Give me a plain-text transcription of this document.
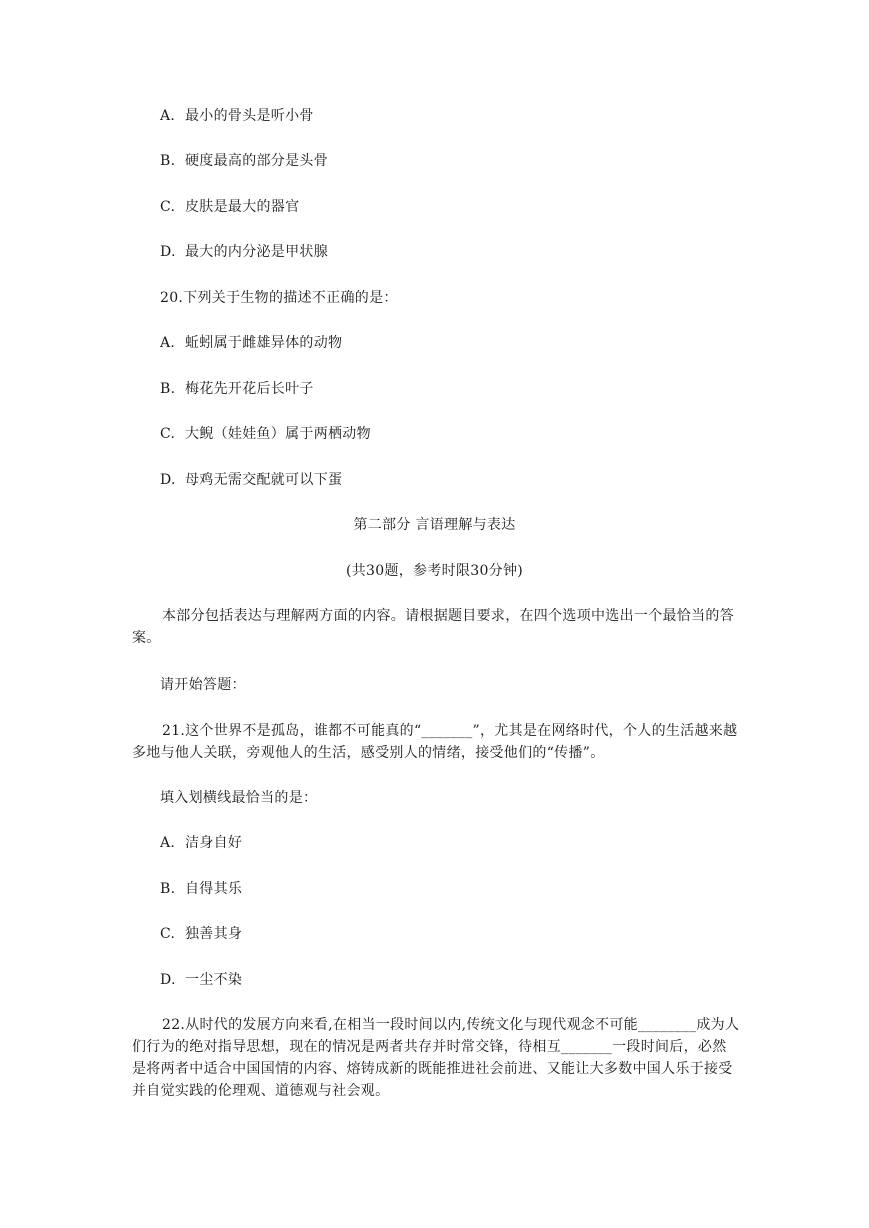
A. 最小的骨头是听小骨
B. 硬度最高的部分是头骨
C. 皮肤是最大的器官
D. 最大的内分泌是甲状腺
20.下列关于生物的描述不正确的是：
A. 蚯蚓属于雌雄异体的动物
B. 梅花先开花后长叶子
C. 大鲵（娃娃鱼）属于两栖动物
D. 母鸡无需交配就可以下蛋
第二部分 言语理解与表达
(共30题，参考时限30分钟)
本部分包括表达与理解两方面的内容。请根据题目要求，在四个选项中选出一个最恰当的答案。
请开始答题：
21.这个世界不是孤岛，谁都不可能真的“_______”，尤其是在网络时代，个人的生活越来越多地与他人关联，旁观他人的生活，感受别人的情绪，接受他们的“传播”。
填入划横线最恰当的是：
A. 洁身自好
B. 自得其乐
C. 独善其身
D. 一尘不染
22.从时代的发展方向来看,在相当一段时间以内,传统文化与现代观念不可能________成为人们行为的绝对指导思想，现在的情况是两者共存并时常交锋，待相互_______一段时间后，必然是将两者中适合中国国情的内容、熔铸成新的既能推进社会前进、又能让大多数中国人乐于接受并自觉实践的伦理观、道德观与社会观。
